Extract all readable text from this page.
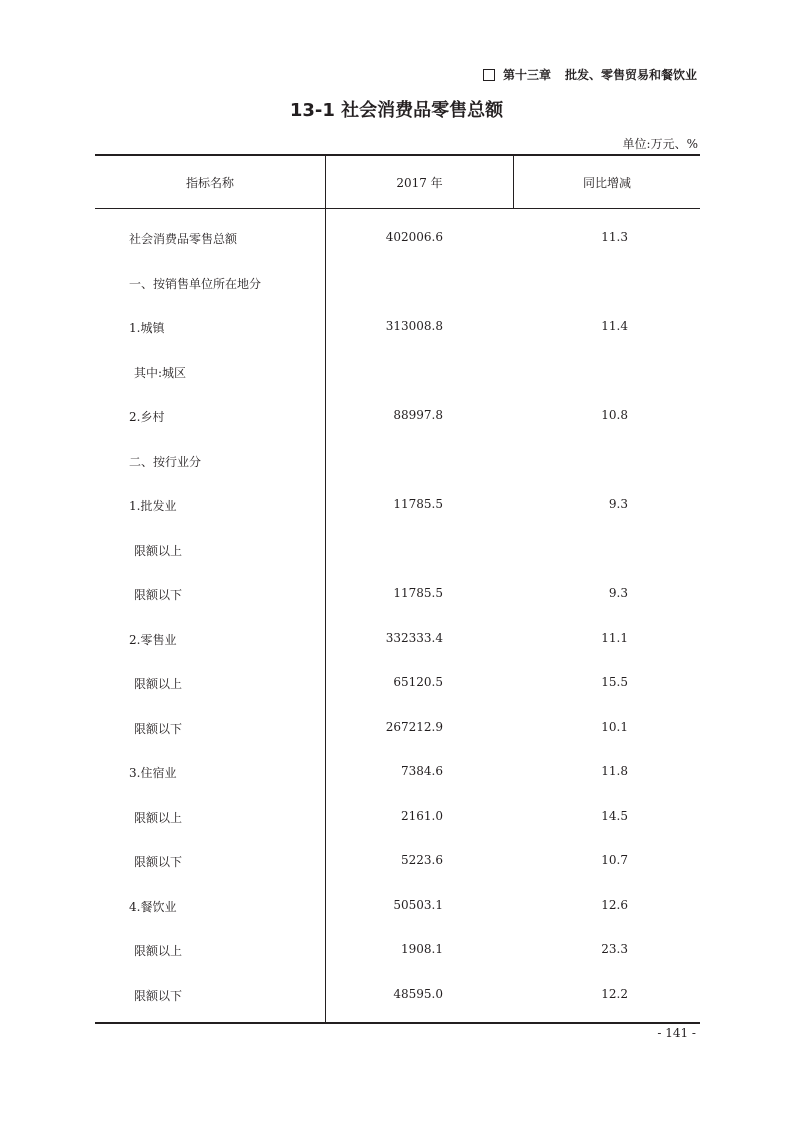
第十三章 批发、零售贸易和餐饮业
13-1 社会消费品零售总额
单位:万元、%
指标名称	2017 年	同比增减
社会消费品零售总额	402006.6	11.3
一、按销售单位所在地分
1.城镇	313008.8	11.4
其中:城区
2.乡村	88997.8	10.8
二、按行业分
1.批发业	11785.5	9.3
限额以上
限额以下	11785.5	9.3
2.零售业	332333.4	11.1
限额以上	65120.5	15.5
限额以下	267212.9	10.1
3.住宿业	7384.6	11.8
限额以上	2161.0	14.5
限额以下	5223.6	10.7
4.餐饮业	50503.1	12.6
限额以上	1908.1	23.3
限额以下	48595.0	12.2
- 141 -
